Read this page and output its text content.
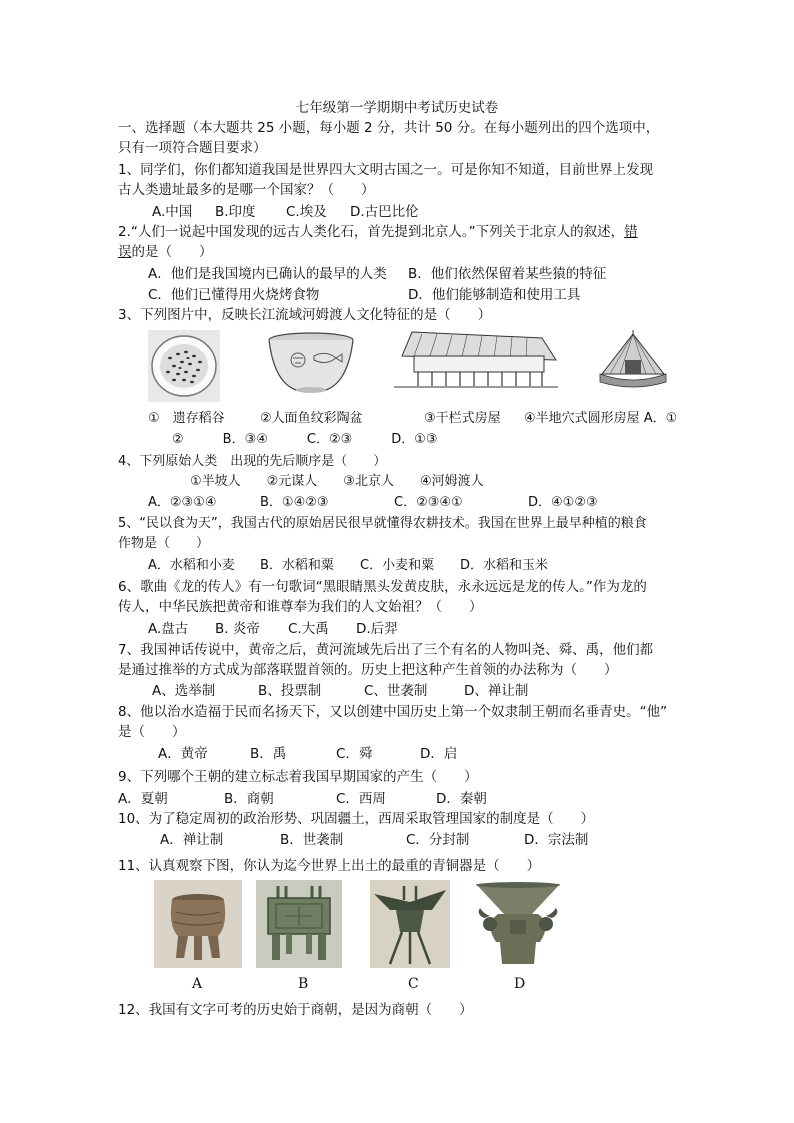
七年级第一学期期中考试历史试卷
一、选择题（本大题共 25 小题，每小题 2 分，共计 50 分。在每小题列出的四个选项中，
只有一项符合题目要求）
1、同学们，你们都知道我国是世界四大文明古国之一。可是你知不知道，目前世界上发现
古人类遗址最多的是哪一个国家？（　　）
A.中国 B.印度 C.埃及 D.古巴比伦
2.“人们一说起中国发现的远古人类化石，首先提到北京人。”下列关于北京人的叙述，错
误的是（　　）
A．他们是我国境内已确认的最早的人类 B．他们依然保留着某些猿的特征
C．他们已懂得用火烧烤食物	D．他们能够制造和使用工具
3、下列图片中，反映长江流域河姆渡人文化特征的是（　　）
①　遗存稻谷	②人面鱼纹彩陶盆	③干栏式房屋 ④半地穴式圆形房屋 A．①
②　　　B．③④　　　C．②③　　　D．①③
4、下列原始人类　出现的先后顺序是（　　）
①半坡人　　②元谋人　　③北京人　　④河姆渡人
A．②③①④	B．①④②③	C．②③④①	D．④①②③
5、“民以食为天”，我国古代的原始居民很早就懂得农耕技术。我国在世界上最早种植的粮食
作物是（　　）
A．水稻和小麦 B．水稻和粟 C．小麦和粟 D．水稻和玉米
6、歌曲《龙的传人》有一句歌词“黑眼睛黑头发黄皮肤，永永远远是龙的传人。”作为龙的
传人，中华民族把黄帝和谁尊奉为我们的人文始祖？（　　）
A.盘古 B. 炎帝 C.大禹 D.后羿
7、我国神话传说中，黄帝之后，黄河流域先后出了三个有名的人物叫尧、舜、禹，他们都
是通过推举的方式成为部落联盟首领的。历史上把这种产生首领的办法称为（　　）
A、选举制	B、投票制	C、世袭制	D、禅让制
8、他以治水造福于民而名扬天下，又以创建中国历史上第一个奴隶制王朝而名垂青史。“他”
是（　　）
A．黄帝	B．禹	C．舜	D．启
9、下列哪个王朝的建立标志着我国早期国家的产生（　　）
A．夏朝	B．商朝	C．西周	D．秦朝
10、为了稳定周初的政治形势、巩固疆土，西周采取管理国家的制度是（　　）
A．禅让制	B．世袭制	C．分封制	D．宗法制
11、认真观察下图，你认为迄今世界上出土的最重的青铜器是（　　）
A	B	C	D
12、我国有文字可考的历史始于商朝，是因为商朝（　　）
